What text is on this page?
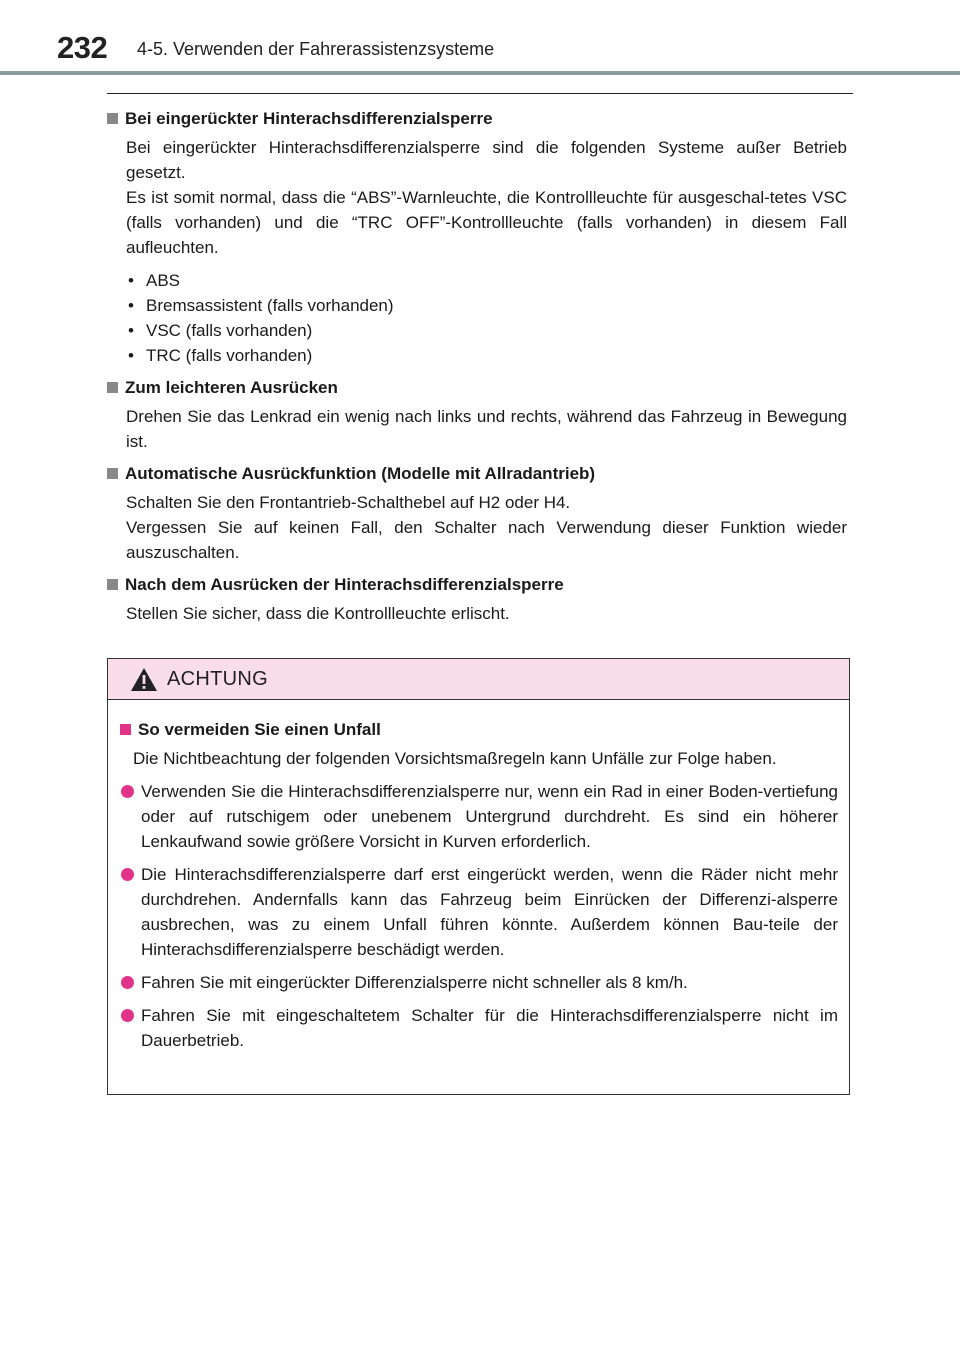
232 4-5. Verwenden der Fahrerassistenzsysteme
Bei eingerückter Hinterachsdifferenzialsperre
Bei eingerückter Hinterachsdifferenzialsperre sind die folgenden Systeme außer Betrieb gesetzt.
Es ist somit normal, dass die “ABS”-Warnleuchte, die Kontrollleuchte für ausgeschal-tetes VSC (falls vorhanden) und die “TRC OFF”-Kontrollleuchte (falls vorhanden) in diesem Fall aufleuchten.
• ABS
• Bremsassistent (falls vorhanden)
• VSC (falls vorhanden)
• TRC (falls vorhanden)
Zum leichteren Ausrücken
Drehen Sie das Lenkrad ein wenig nach links und rechts, während das Fahrzeug in Bewegung ist.
Automatische Ausrückfunktion (Modelle mit Allradantrieb)
Schalten Sie den Frontantrieb-Schalthebel auf H2 oder H4.
Vergessen Sie auf keinen Fall, den Schalter nach Verwendung dieser Funktion wieder auszuschalten.
Nach dem Ausrücken der Hinterachsdifferenzialsperre
Stellen Sie sicher, dass die Kontrollleuchte erlischt.
ACHTUNG
So vermeiden Sie einen Unfall
Die Nichtbeachtung der folgenden Vorsichtsmaßregeln kann Unfälle zur Folge haben.
Verwenden Sie die Hinterachsdifferenzialsperre nur, wenn ein Rad in einer Boden-vertiefung oder auf rutschigem oder unebenem Untergrund durchdreht. Es sind ein höherer Lenkaufwand sowie größere Vorsicht in Kurven erforderlich.
Die Hinterachsdifferenzialsperre darf erst eingerückt werden, wenn die Räder nicht mehr durchdrehen. Andernfalls kann das Fahrzeug beim Einrücken der Differenzi-alsperre ausbrechen, was zu einem Unfall führen könnte. Außerdem können Bau-teile der Hinterachsdifferenzialsperre beschädigt werden.
Fahren Sie mit eingerückter Differenzialsperre nicht schneller als 8 km/h.
Fahren Sie mit eingeschaltetem Schalter für die Hinterachsdifferenzialsperre nicht im Dauerbetrieb.
